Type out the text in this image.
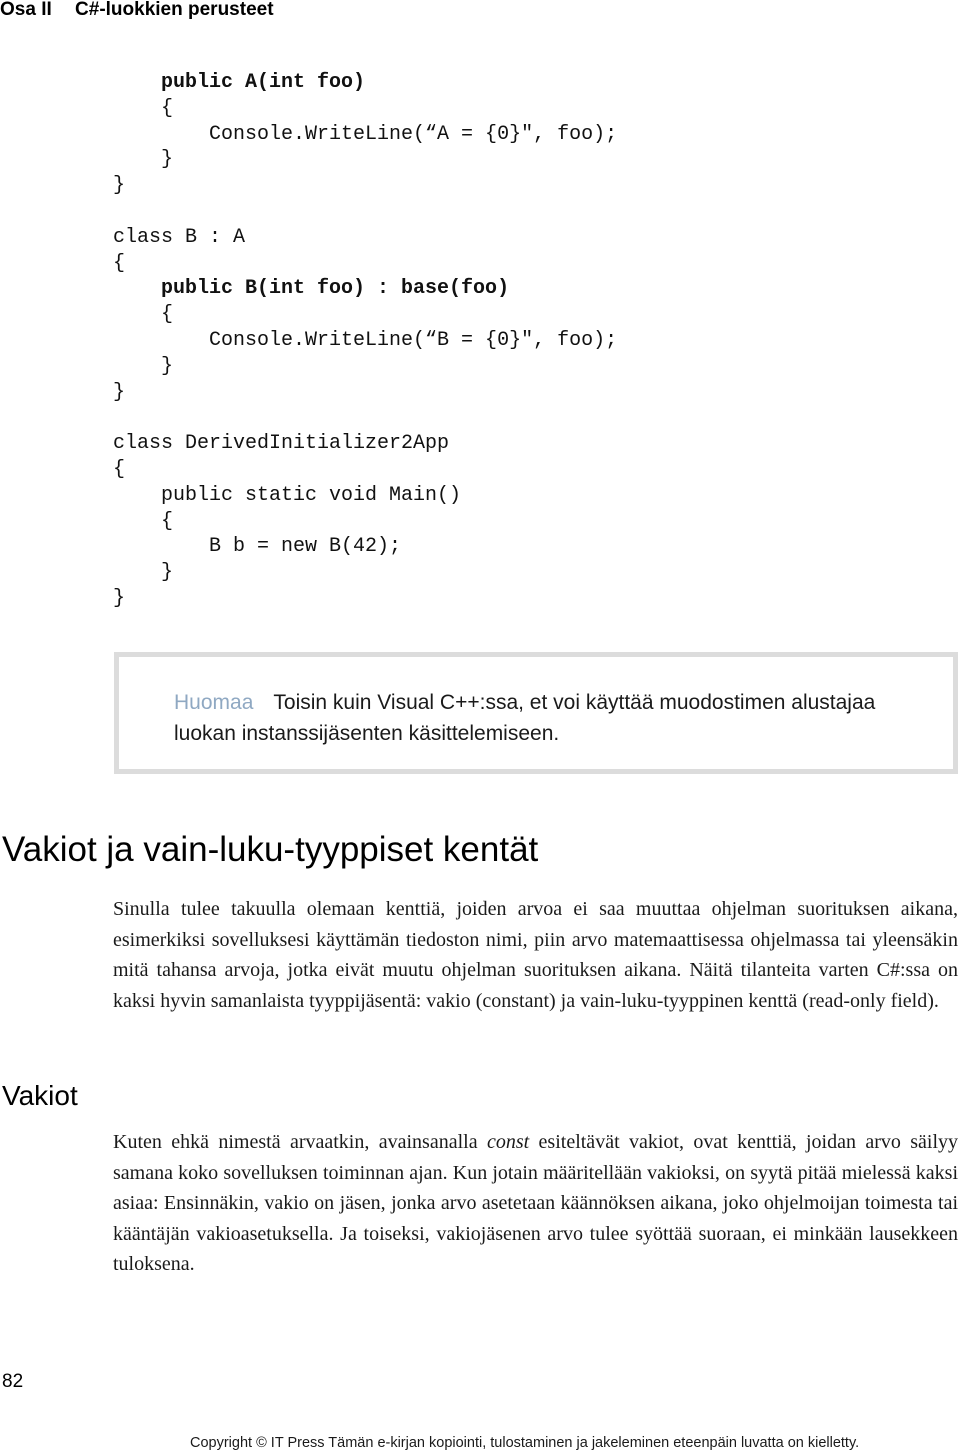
Osa II C#-luokkien perusteet
public A(int foo)
{
Console.WriteLine(“A = {0}", foo);
}
}
class B : A
{
public B(int foo) : base(foo)
{
Console.WriteLine(“B = {0}", foo);
}
}
class DerivedInitializer2App
{
public static void Main()
{
B b = new B(42);
}
}
Huomaa Toisin kuin Visual C++:ssa, et voi käyttää muodostimen alustajaa luokan instanssijäsenten käsittelemiseen.
Vakiot ja vain-luku-tyyppiset kentät

Sinulla tulee takuulla olemaan kenttiä, joiden arvoa ei saa muuttaa ohjelman suorituksen aikana, esimerkiksi sovelluksesi käyttämän tiedoston nimi, piin arvo matemaattisessa ohjelmassa tai yleensäkin mitä tahansa arvoja, jotka eivät muutu ohjelman suorituksen aikana. Näitä tilanteita varten C#:ssa on kaksi hyvin samanlaista tyyppijäsentä: vakio (constant) ja vain-luku-tyyppinen kenttä (read-only field).

Vakiot

Kuten ehkä nimestä arvaatkin, avainsanalla const esiteltävät vakiot, ovat kenttiä, joidan arvo säilyy samana koko sovelluksen toiminnan ajan. Kun jotain määritellään vakioksi, on syytä pitää mielessä kaksi asiaa: Ensinnäkin, vakio on jäsen, jonka arvo asetetaan käännöksen aikana, joko ohjelmoijan toimesta tai kääntäjän vakioasetuksella. Ja toiseksi, vakiojäsenen arvo tulee syöttää suoraan, ei minkään lausekkeen tuloksena.

82
Copyright © IT Press Tämän e-kirjan kopiointi, tulostaminen ja jakeleminen eteenpäin luvatta on kielletty.
